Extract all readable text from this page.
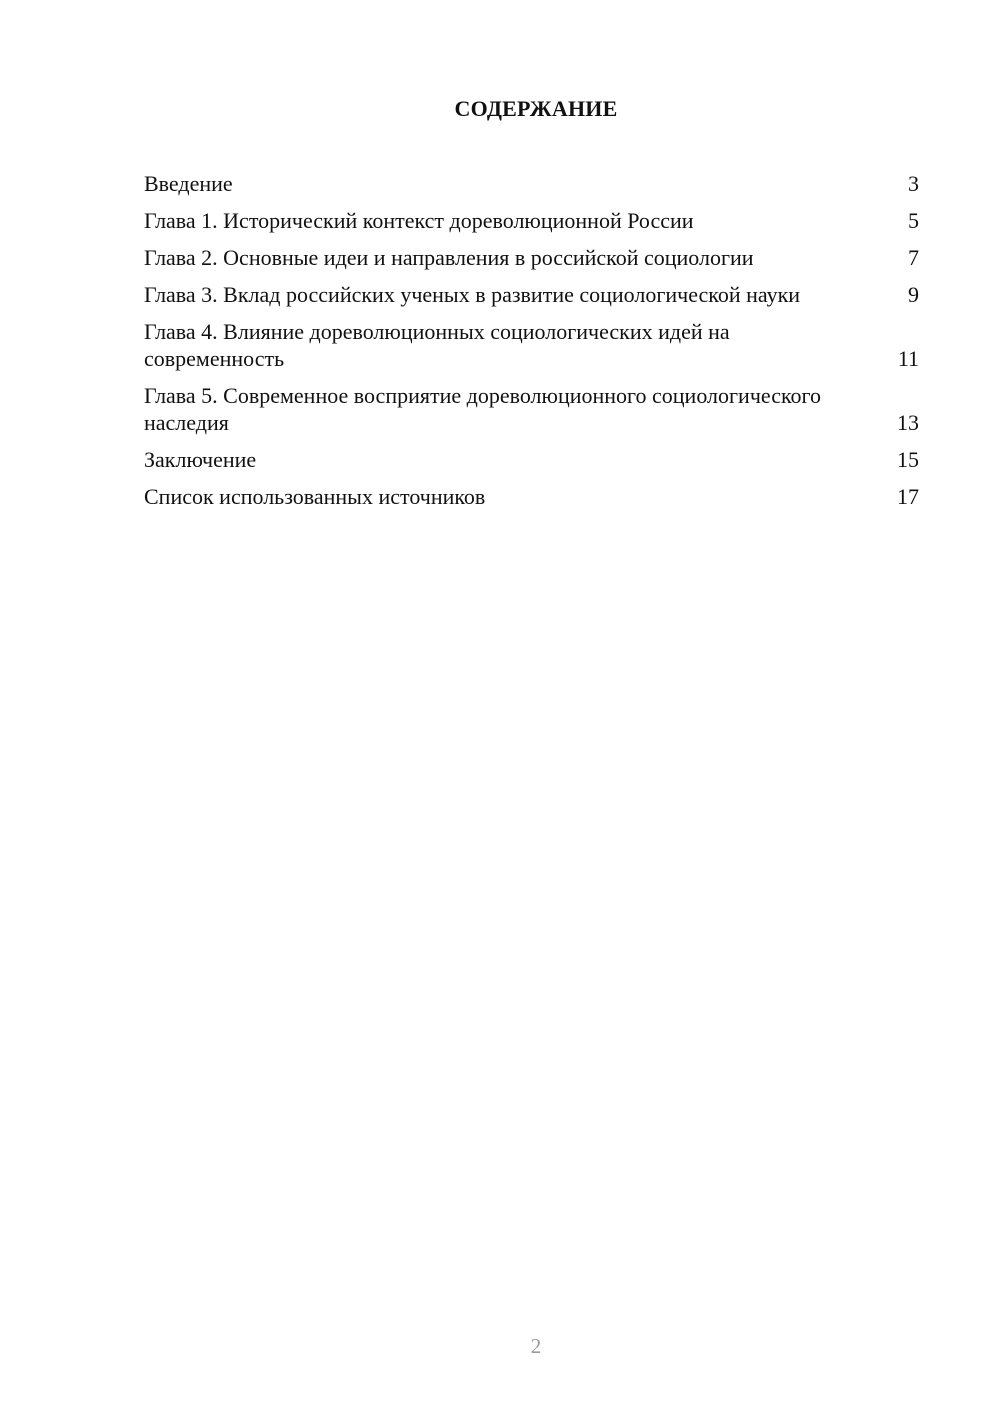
СОДЕРЖАНИЕ
Введение	3
Глава 1. Исторический контекст дореволюционной России	5
Глава 2. Основные идеи и направления в российской социологии	7
Глава 3. Вклад российских ученых в развитие социологической науки	9
Глава 4. Влияние дореволюционных социологических идей на современность	11
Глава 5. Современное восприятие дореволюционного социологического наследия	13
Заключение	15
Список использованных источников	17
2
